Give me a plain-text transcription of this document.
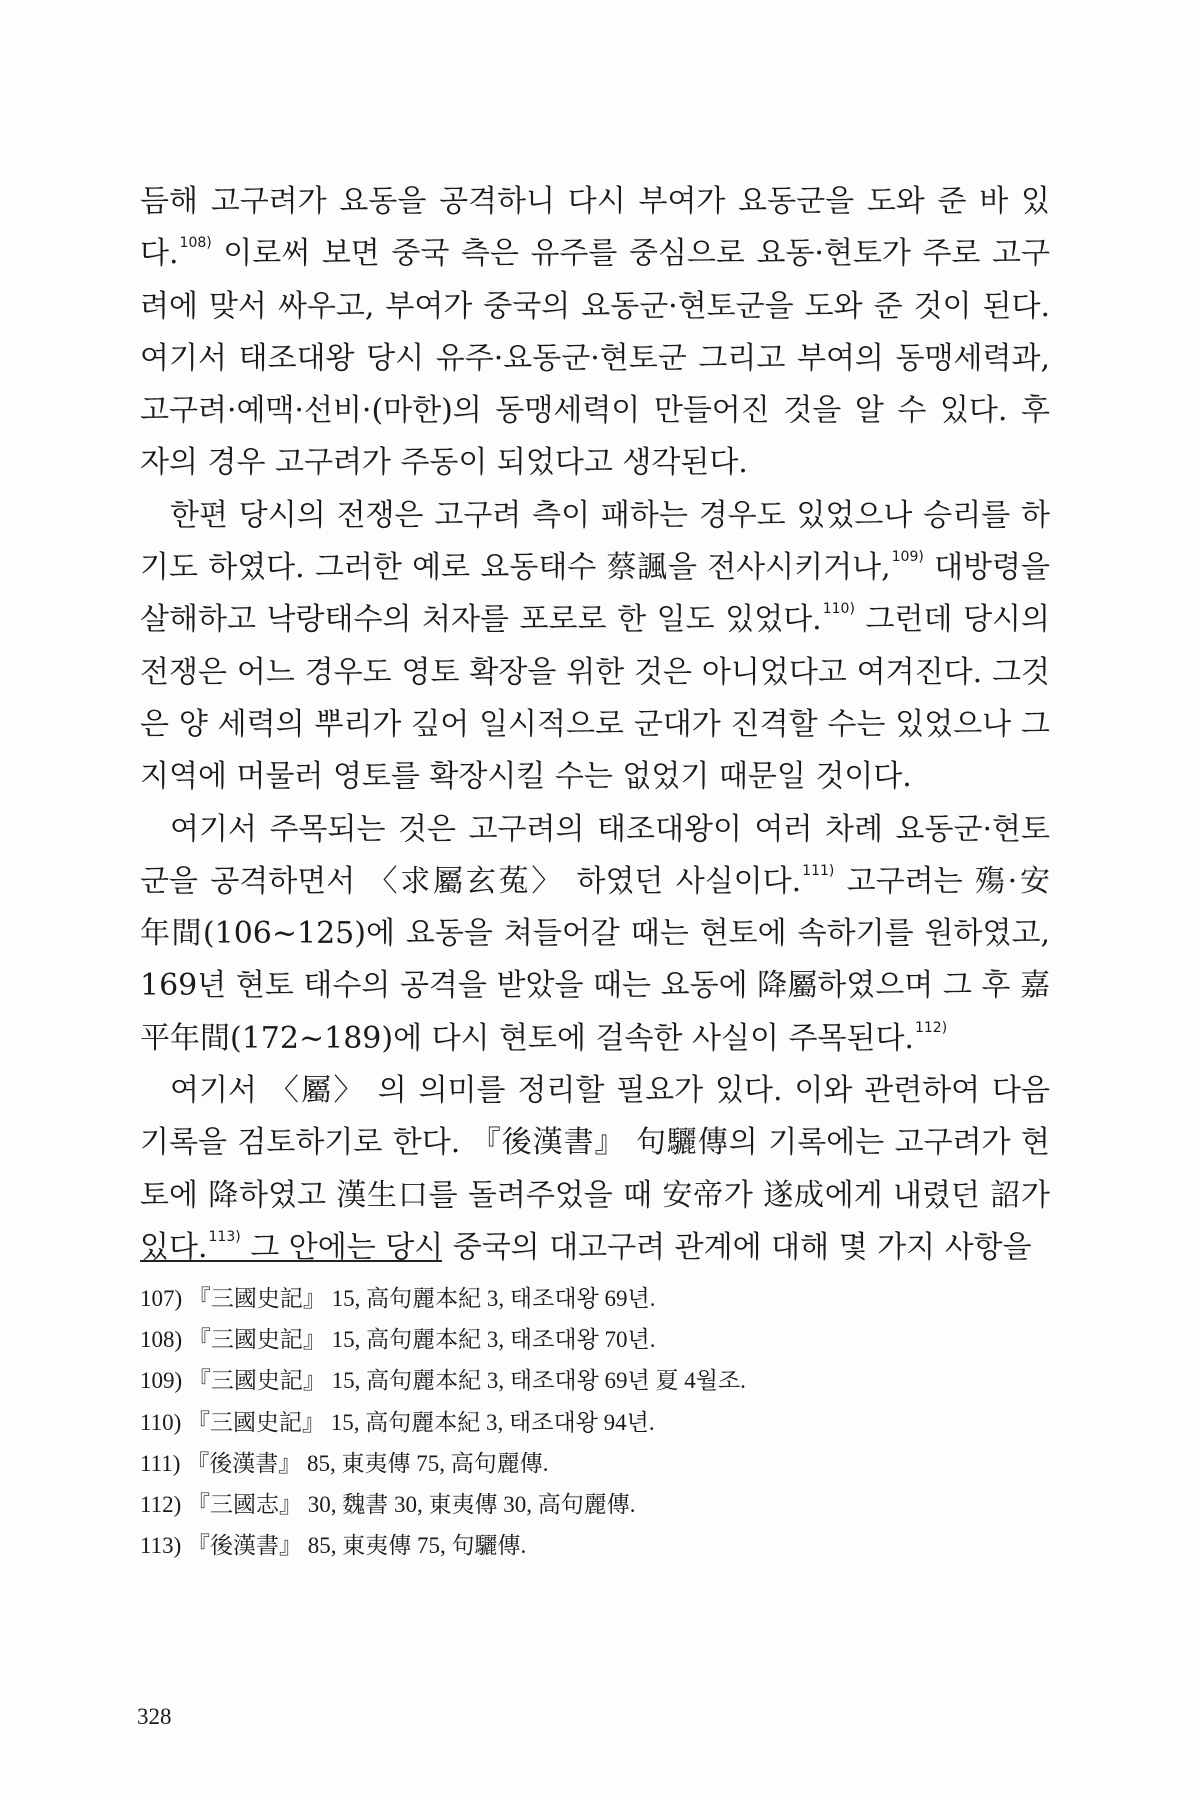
듬해 고구려가 요동을 공격하니 다시 부여가 요동군을 도와 준 바 있다.$^{108)}$ 이로써 보면 중국 측은 유주를 중심으로 요동·현토가 주로 고구려에 맞서 싸우고, 부여가 중국의 요동군·현토군을 도와 준 것이 된다. 여기서 태조대왕 당시 유주·요동군·현토군 그리고 부여의 동맹세력과, 고구려·예맥·선비·(마한)의 동맹세력이 만들어진 것을 알 수 있다. 후자의 경우 고구려가 주동이 되었다고 생각된다.

한편 당시의 전쟁은 고구려 측이 패하는 경우도 있었으나 승리를 하기도 하였다. 그러한 예로 요동태수 蔡諷을 전사시키거나,$^{109)}$ 대방령을 살해하고 낙랑태수의 처자를 포로로 한 일도 있었다.$^{110)}$ 그런데 당시의 전쟁은 어느 경우도 영토 확장을 위한 것은 아니었다고 여겨진다. 그것은 양 세력의 뿌리가 깊어 일시적으로 군대가 진격할 수는 있었으나 그 지역에 머물러 영토를 확장시킬 수는 없었기 때문일 것이다.

여기서 주목되는 것은 고구려의 태조대왕이 여러 차례 요동군·현토군을 공격하면서 〈求屬玄菟〉 하였던 사실이다.$^{111)}$ 고구려는 殤·安 年間(106~125)에 요동을 쳐들어갈 때는 현토에 속하기를 원하였고, 169년 현토 태수의 공격을 받았을 때는 요동에 降屬하였으며 그 후 嘉平年間(172~189)에 다시 현토에 걸속한 사실이 주목된다.$^{112)}$

여기서 〈屬〉 의 의미를 정리할 필요가 있다. 이와 관련하여 다음 기록을 검토하기로 한다. 『後漢書』 句驪傳의 기록에는 고구려가 현토에 降하였고 漢生口를 돌려주었을 때 安帝가 遂成에게 내렸던 詔가 있다.$^{113)}$ 그 안에는 당시 중국의 대고구려 관계에 대해 몇 가지 사항을

107) 『三國史記』 15, 高句麗本紀 3, 태조대왕 69년.
108) 『三國史記』 15, 高句麗本紀 3, 태조대왕 70년.
109) 『三國史記』 15, 高句麗本紀 3, 태조대왕 69년 夏 4월조.
110) 『三國史記』 15, 高句麗本紀 3, 태조대왕 94년.
111) 『後漢書』 85, 東夷傳 75, 高句麗傳.
112) 『三國志』 30, 魏書 30, 東夷傳 30, 高句麗傳.
113) 『後漢書』 85, 東夷傳 75, 句驪傳.
328
